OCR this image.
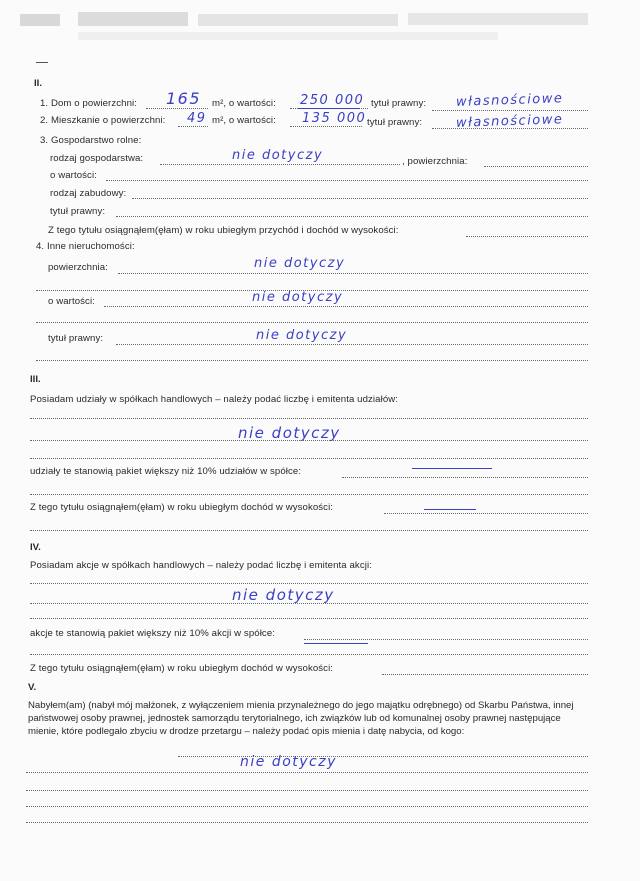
II.
1. Dom o powierzchni: 165 m², o wartości: 250 000 tytuł prawny: własnościowe
2. Mieszkanie o powierzchni: 49 m², o wartości: 135 000 tytuł prawny:	własnościowe
3. Gospodarstwo rolne:
rodzaj gospodarstwa:	nie dotyczy	, powierzchnia:
o wartości:
rodzaj zabudowy:
tytuł prawny:
Z tego tytułu osiągnąłem(ęłam) w roku ubiegłym przychód i dochód w wysokości:
4. Inne nieruchomości:
powierzchnia:	nie dotyczy
o wartości:	nie dotyczy
tytuł prawny:	nie dotyczy
III.
Posiadam udziały w spółkach handlowych – należy podać liczbę i emitenta udziałów:
nie dotyczy
udziały te stanowią pakiet większy niż 10% udziałów w spółce:
Z tego tytułu osiągnąłem(ęłam) w roku ubiegłym dochód w wysokości:
IV.
Posiadam akcje w spółkach handlowych – należy podać liczbę i emitenta akcji:
nie dotyczy
akcje te stanowią pakiet większy niż 10% akcji w spółce:
Z tego tytułu osiągnąłem(ęłam) w roku ubiegłym dochód w wysokości:
V.
Nabyłem(am) (nabył mój małżonek, z wyłączeniem mienia przynależnego do jego majątku odrębnego) od Skarbu Państwa, innej państwowej osoby prawnej, jednostek samorządu terytorialnego, ich związków lub od komunalnej osoby prawnej następujące mienie, które podlegało zbyciu w drodze przetargu – należy podać opis mienia i datę nabycia, od kogo:
nie dotyczy
